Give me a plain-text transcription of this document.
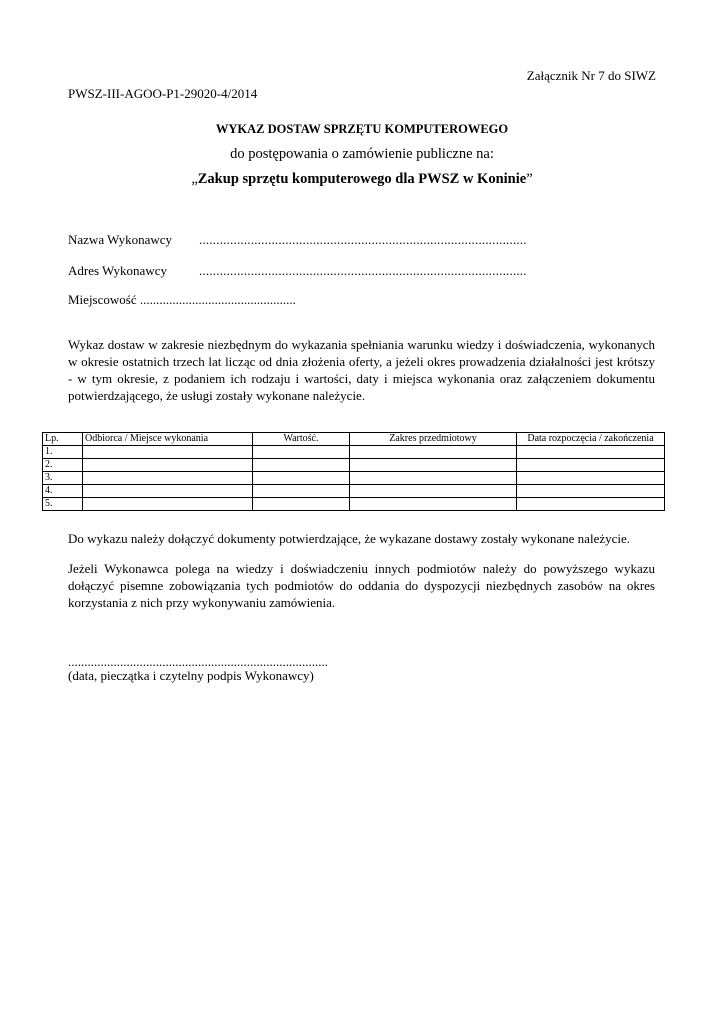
Załącznik Nr 7 do SIWZ
PWSZ-III-AGOO-P1-29020-4/2014
WYKAZ DOSTAW SPRZĘTU KOMPUTEROWEGO
do postępowania o zamówienie publiczne na:
„Zakup sprzętu komputerowego dla PWSZ w Koninie”
Nazwa Wykonawcy ...............................................................................................
Adres Wykonawcy ...............................................................................................
Miejscowość ................................................
Wykaz dostaw w zakresie niezbędnym do wykazania spełniania warunku wiedzy i doświadczenia, wykonanych w okresie ostatnich trzech lat licząc od dnia złożenia oferty, a jeżeli okres prowadzenia działalności jest krótszy - w tym okresie, z podaniem ich rodzaju i wartości, daty i miejsca wykonania oraz załączeniem dokumentu potwierdzającego, że usługi zostały wykonane należycie.
Lp.	Odbiorca / Miejsce wykonania	Wartość.	Zakres przedmiotowy	Data rozpoczęcia / zakończenia
1.				
2.				
3.				
4.				
5.				
Do wykazu należy dołączyć dokumenty potwierdzające, że wykazane dostawy zostały wykonane należycie.
Jeżeli Wykonawca polega na wiedzy i doświadczeniu innych podmiotów należy do powyższego wykazu dołączyć pisemne zobowiązania tych podmiotów do oddania do dyspozycji niezbędnych zasobów na okres korzystania z nich przy wykonywaniu zamówienia.
................................................................................
(data, pieczątka i czytelny podpis Wykonawcy)
